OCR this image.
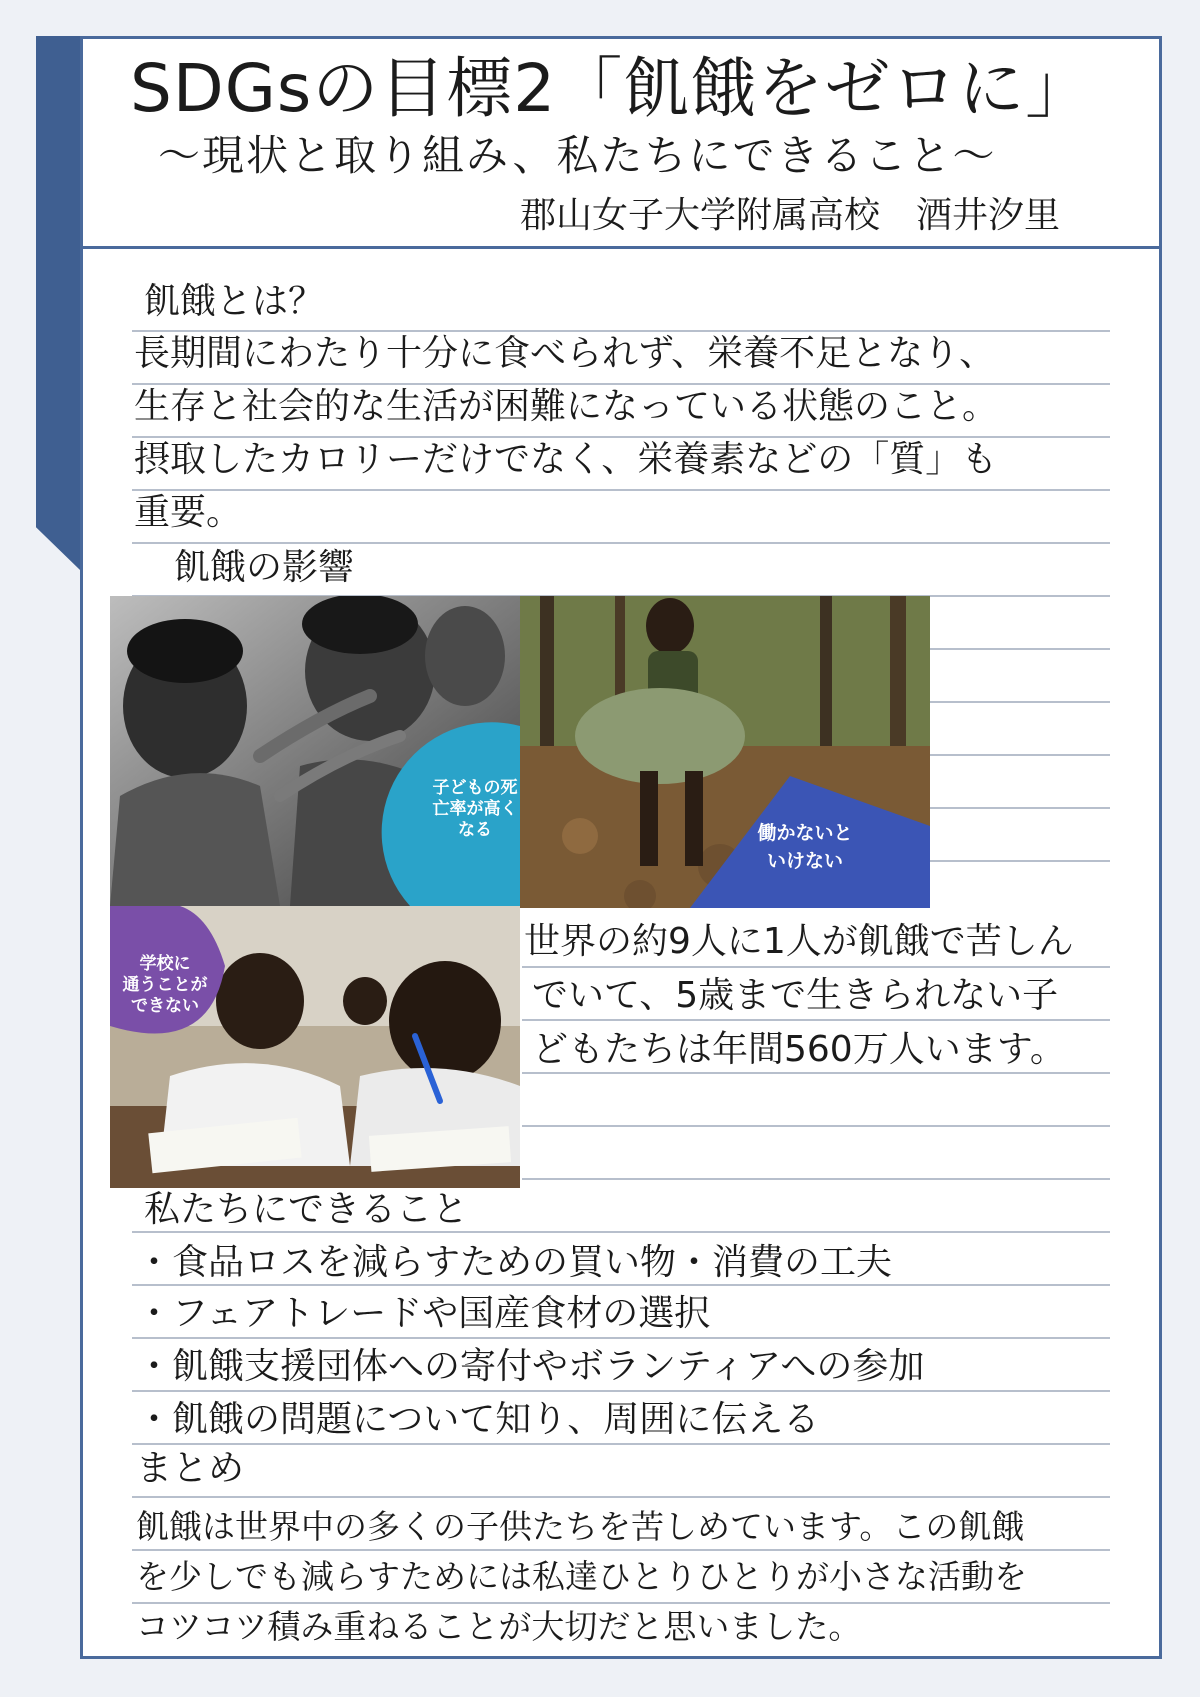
SDGsの目標2「飢餓をゼロに」
〜現状と取り組み、私たちにできること〜
郡山女子大学附属高校　酒井汐里
飢餓とは？
長期間にわたり十分に食べられず、栄養不足となり、
生存と社会的な生活が困難になっている状態のこと。
摂取したカロリーだけでなく、栄養素などの「質」も
重要。
飢餓の影響
子どもの死
亡率が高く
なる	働かないと
いけない
学校に
通うことが
できない
世界の約9人に1人が飢餓で苦しん
でいて、5歳まで生きられない子
どもたちは年間560万人います。
私たちにできること
・食品ロスを減らすための買い物・消費の工夫
・フェアトレードや国産食材の選択
・飢餓支援団体への寄付やボランティアへの参加
・飢餓の問題について知り、周囲に伝える
まとめ
飢餓は世界中の多くの子供たちを苦しめています。この飢餓
を少しでも減らすためには私達ひとりひとりが小さな活動を
コツコツ積み重ねることが大切だと思いました。
